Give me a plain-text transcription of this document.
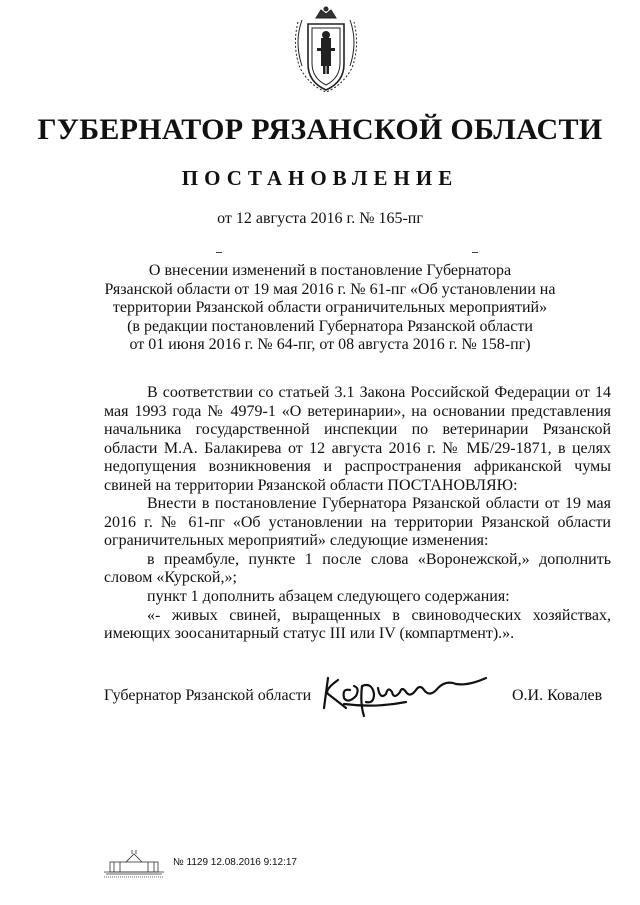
ГУБЕРНАТОР РЯЗАНСКОЙ ОБЛАСТИ
ПОСТАНОВЛЕНИЕ
от 12 августа 2016 г. № 165-пг
О внесении изменений в постановление Губернатора
Рязанской области от 19 мая 2016 г. № 61-пг «Об установлении на
территории Рязанской области ограничительных мероприятий»
(в редакции постановлений Губернатора Рязанской области
от 01 июня 2016 г. № 64-пг, от 08 августа 2016 г. № 158-пг)

В соответствии со статьей 3.1 Закона Российской Федерации от 14 мая 1993 года № 4979-1 «О ветеринарии», на основании представления начальника государственной инспекции по ветеринарии Рязанской области М.А. Балакирева от 12 августа 2016 г. № МБ/29-1871, в целях недопущения возникновения и распространения африканской чумы свиней на территории Рязанской области ПОСТАНОВЛЯЮ:

Внести в постановление Губернатора Рязанской области от 19 мая 2016 г. № 61-пг «Об установлении на территории Рязанской области ограничительных мероприятий» следующие изменения:

в преамбуле, пункте 1 после слова «Воронежской,» дополнить словом «Курской,»;

пункт 1 дополнить абзацем следующего содержания:

«- живых свиней, выращенных в свиноводческих хозяйствах, имеющих зоосанитарный статус III или IV (компартмент).».

Губернатор Рязанской области	О.И. Ковалев
№ 1129 12.08.2016 9:12:17
